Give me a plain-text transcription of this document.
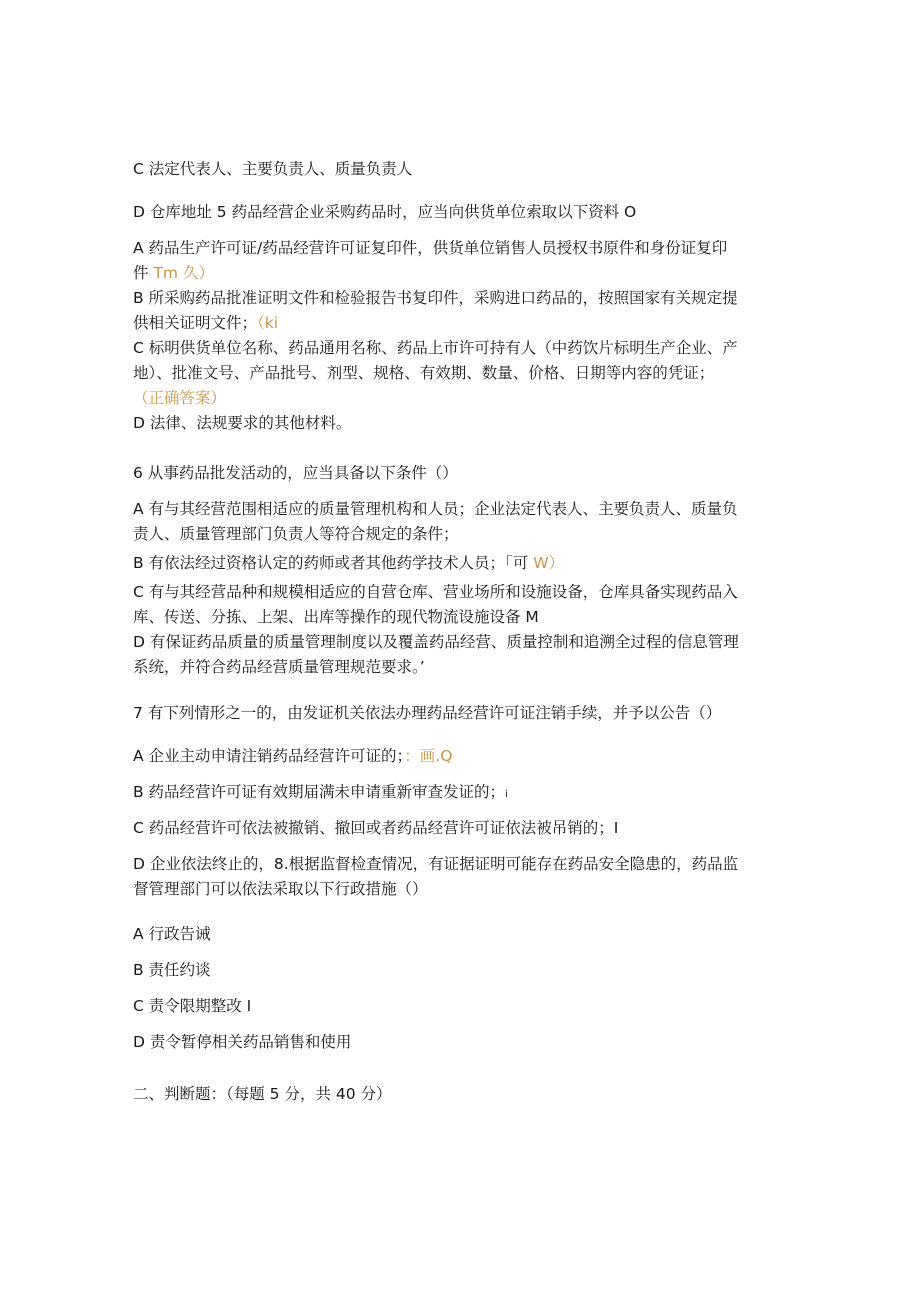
C 法定代表人、主要负责人、质量负责人
D 仓库地址 5 药品经营企业采购药品时，应当向供货单位索取以下资料 O
A 药品生产许可证/药品经营许可证复印件，供货单位销售人员授权书原件和身份证复印
件 Tm 久）
B 所采购药品批准证明文件和检验报告书复印件，采购进口药品的，按照国家有关规定提
供相关证明文件；（ki
C 标明供货单位名称、药品通用名称、药品上市许可持有人（中药饮片标明生产企业、产
地）、批准文号、产品批号、剂型、规格、有效期、数量、价格、日期等内容的凭证；
（正确答案）
D 法律、法规要求的其他材料。
6 从事药品批发活动的，应当具备以下条件（）
A 有与其经营范围相适应的质量管理机构和人员；企业法定代表人、主要负责人、质量负
责人、质量管理部门负责人等符合规定的条件；
B 有依法经过资格认定的药师或者其他药学技术人员；「可 W）
C 有与其经营品种和规模相适应的自营仓库、营业场所和设施设备，仓库具备实现药品入
库、传送、分拣、上架、出库等操作的现代物流设施设备 M
D 有保证药品质量的质量管理制度以及覆盖药品经营、质量控制和追溯全过程的信息管理
系统，并符合药品经营质量管理规范要求。’
7 有下列情形之一的，由发证机关依法办理药品经营许可证注销手续，并予以公告（）
A 企业主动申请注销药品经营许可证的；：画.Q
B 药品经营许可证有效期届满未申请重新审查发证的；i
C 药品经营许可依法被撤销、撤回或者药品经营许可证依法被吊销的；I
D 企业依法终止的，8.根据监督检查情况，有证据证明可能存在药品安全隐患的，药品监
督管理部门可以依法采取以下行政措施（）
A 行政告诫
B 责任约谈
C 责令限期整改 I
D 责令暂停相关药品销售和使用
二、判断题：（每题 5 分，共 40 分）
